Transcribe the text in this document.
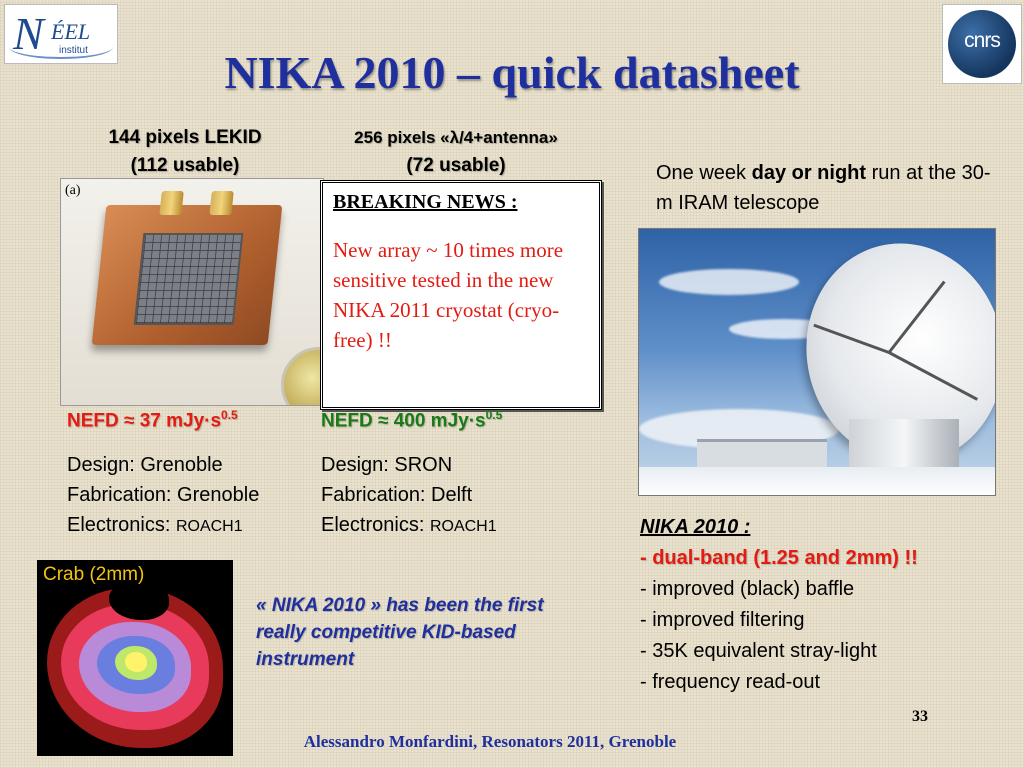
N ÉEL
institut	cnrs
NIKA 2010 – quick datasheet
144 pixels LEKID
(112 usable)
256 pixels «λ/4+antenna»
(72 usable)
(a)
BREAKING NEWS :
New array ~ 10 times more sensitive tested in the new NIKA 2011 cryostat (cryo-free) !!
NEFD ≈ 37 $mJy\cdot s^{0.5}$	NEFD ≈ 400 $mJy\cdot s^{0.5}$
Design: Grenoble
Fabrication: Grenoble
Electronics: ROACH1
Design: SRON
Fabrication: Delft
Electronics: ROACH1
One week day or night run at the 30-m IRAM telescope
NIKA 2010 :
- dual-band (1.25 and 2mm) !!
- improved (black) baffle
- improved filtering
- 35K equivalent stray-light
- frequency read-out
Crab (2mm)
« NIKA 2010 » has been the first really competitive KID-based instrument
33
Alessandro Monfardini, Resonators 2011, Grenoble
